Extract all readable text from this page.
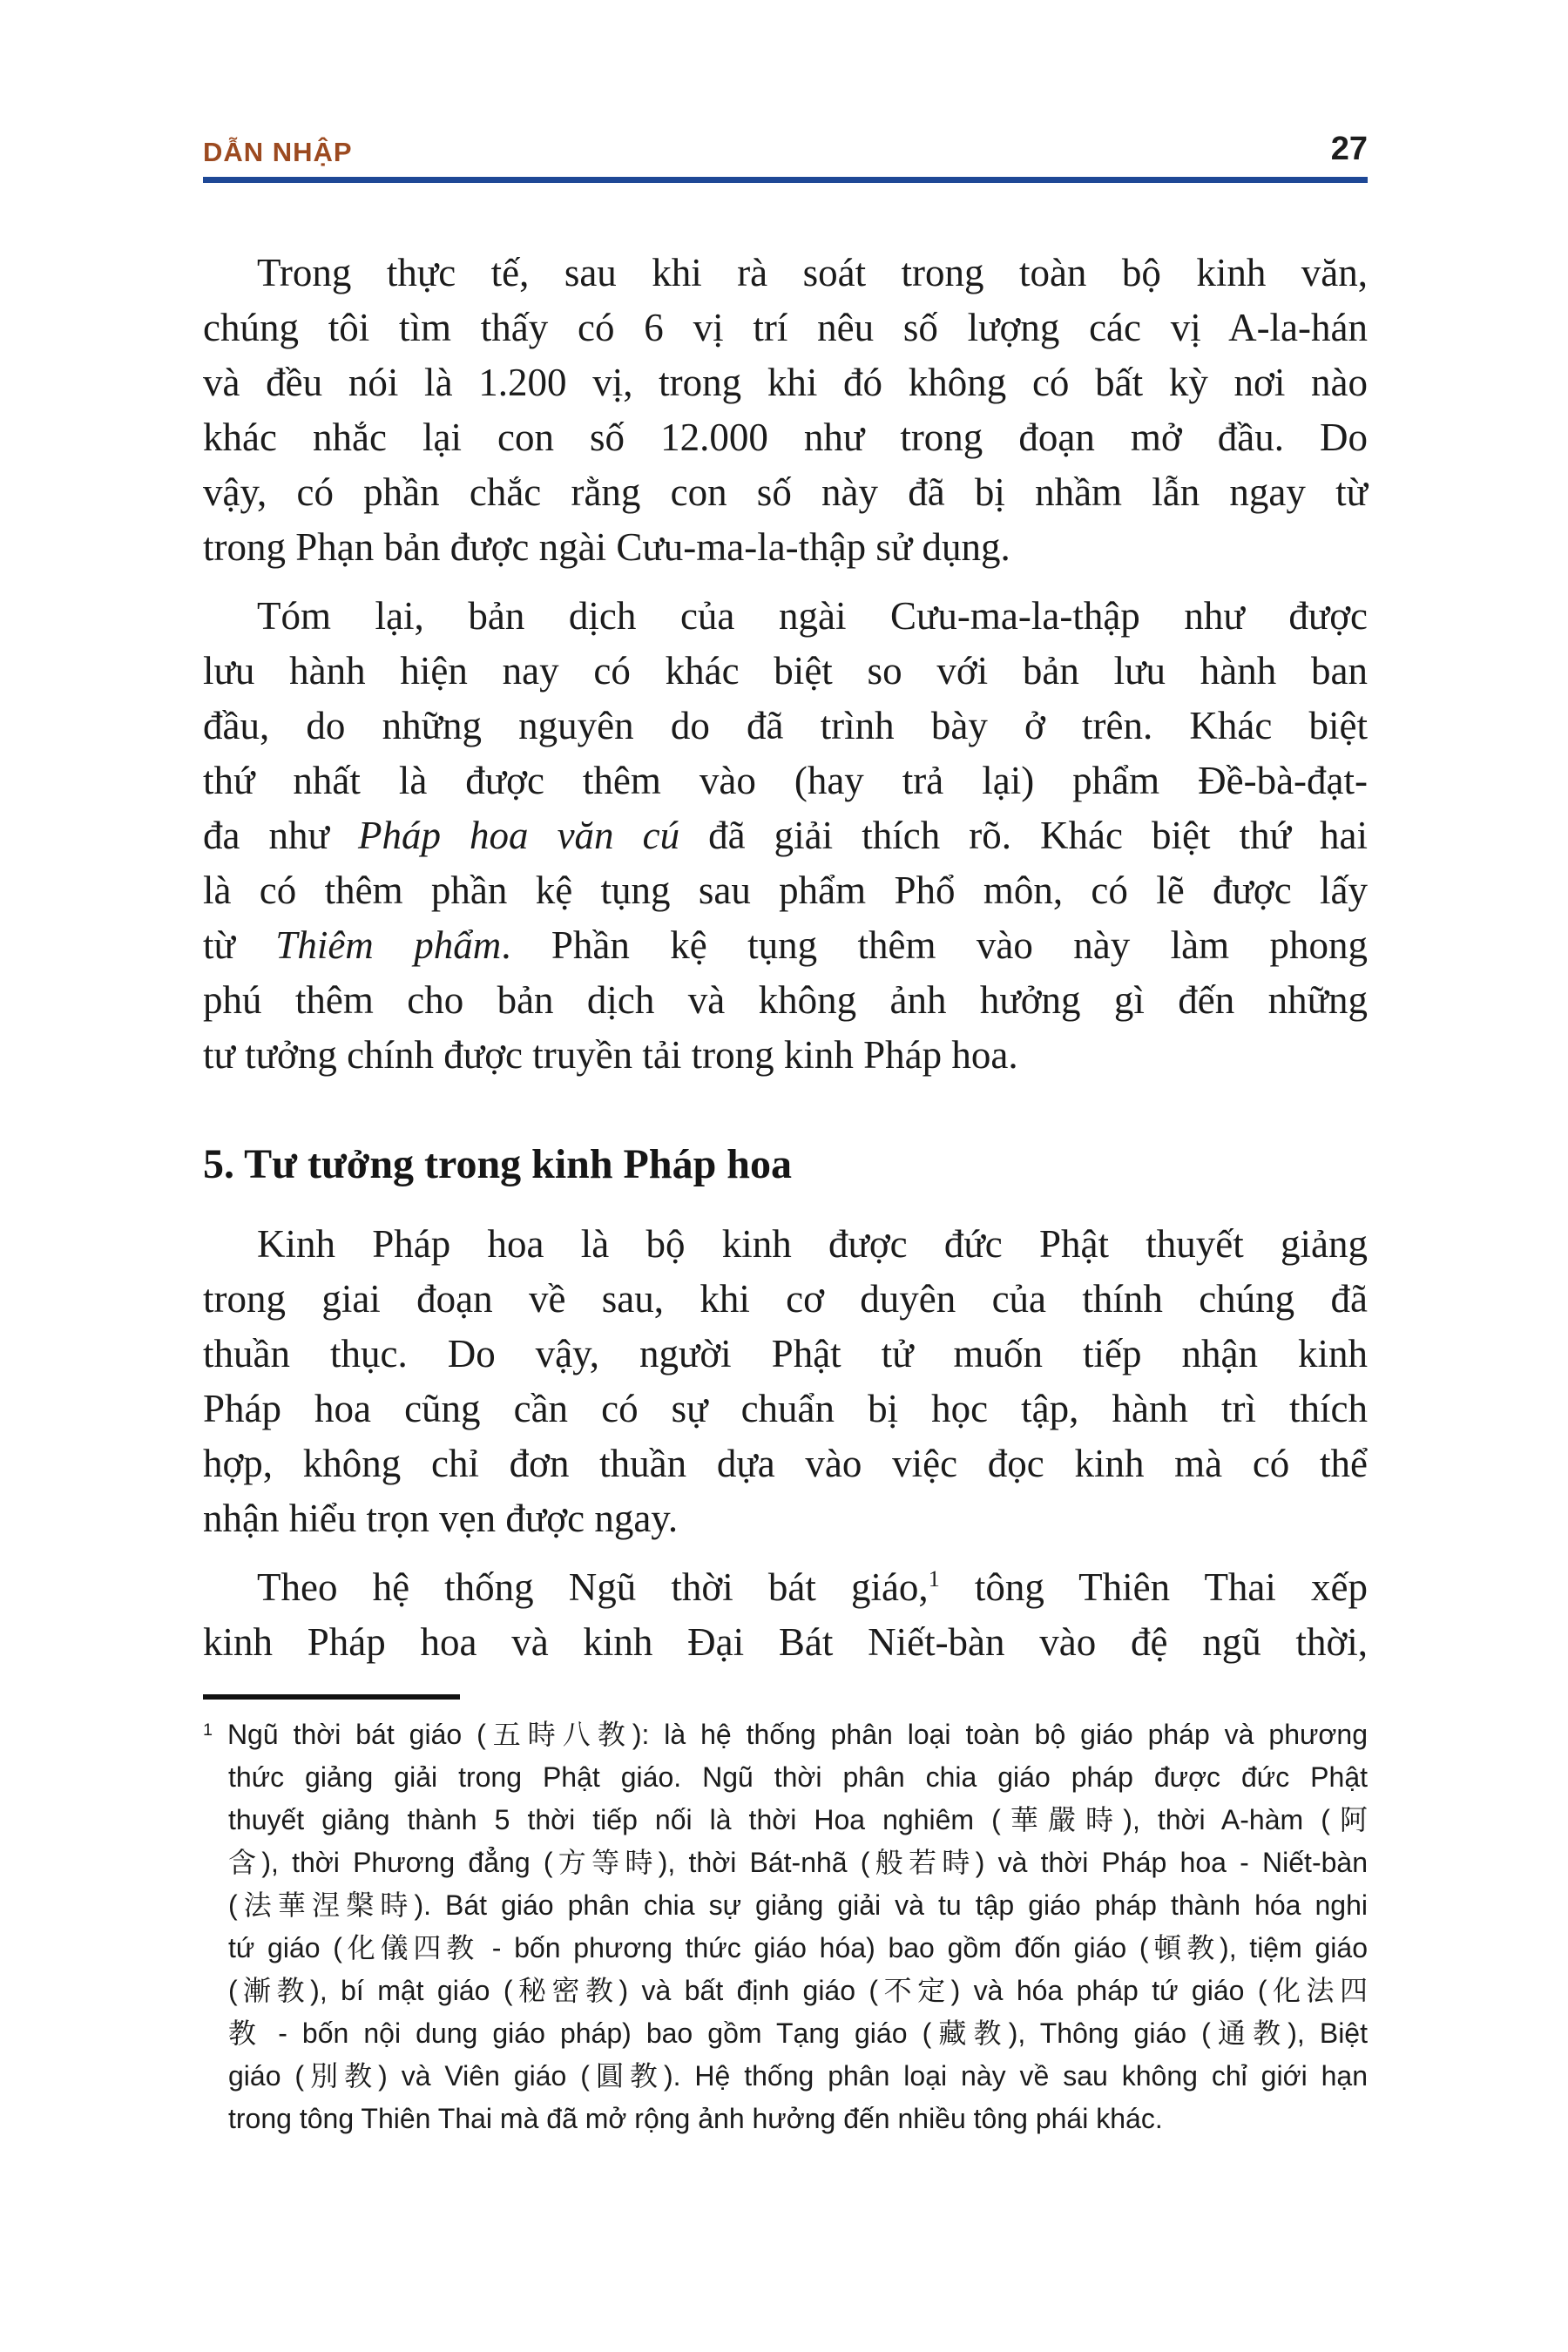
DẪN NHẬP	27
Trong thực tế, sau khi rà soát trong toàn bộ kinh văn,
chúng tôi tìm thấy có 6 vị trí nêu số lượng các vị A-la-hán
và đều nói là 1.200 vị, trong khi đó không có bất kỳ nơi nào
khác nhắc lại con số 12.000 như trong đoạn mở đầu. Do
vậy, có phần chắc rằng con số này đã bị nhầm lẫn ngay từ
trong Phạn bản được ngài Cưu-ma-la-thập sử dụng.
Tóm lại, bản dịch của ngài Cưu-ma-la-thập như được
lưu hành hiện nay có khác biệt so với bản lưu hành ban
đầu, do những nguyên do đã trình bày ở trên. Khác biệt
thứ nhất là được thêm vào (hay trả lại) phẩm Đề-bà-đạt-
đa như Pháp hoa văn cú đã giải thích rõ. Khác biệt thứ hai
là có thêm phần kệ tụng sau phẩm Phổ môn, có lẽ được lấy
từ Thiêm phẩm. Phần kệ tụng thêm vào này làm phong
phú thêm cho bản dịch và không ảnh hưởng gì đến những
tư tưởng chính được truyền tải trong kinh Pháp hoa.
5. Tư tưởng trong kinh Pháp hoa
Kinh Pháp hoa là bộ kinh được đức Phật thuyết giảng
trong giai đoạn về sau, khi cơ duyên của thính chúng đã
thuần thục. Do vậy, người Phật tử muốn tiếp nhận kinh
Pháp hoa cũng cần có sự chuẩn bị học tập, hành trì thích
hợp, không chỉ đơn thuần dựa vào việc đọc kinh mà có thể
nhận hiểu trọn vẹn được ngay.
Theo hệ thống Ngũ thời bát giáo,$^1$ tông Thiên Thai xếp
kinh Pháp hoa và kinh Đại Bát Niết-bàn vào đệ ngũ thời,
$^1$ Ngũ thời bát giáo (五時八教): là hệ thống phân loại toàn bộ giáo pháp và phương
thức giảng giải trong Phật giáo. Ngũ thời phân chia giáo pháp được đức Phật
thuyết giảng thành 5 thời tiếp nối là thời Hoa nghiêm (華嚴時), thời A-hàm (阿
含), thời Phương đẳng (方等時), thời Bát-nhã (般若時) và thời Pháp hoa - Niết-bàn
(法華涅槃時). Bát giáo phân chia sự giảng giải và tu tập giáo pháp thành hóa nghi
tứ giáo (化儀四教 - bốn phương thức giáo hóa) bao gồm đốn giáo (頓教), tiệm giáo
(漸教), bí mật giáo (秘密教) và bất định giáo (不定) và hóa pháp tứ giáo (化法四
教 - bốn nội dung giáo pháp) bao gồm Tạng giáo (藏教), Thông giáo (通教), Biệt
giáo (別教) và Viên giáo (圓教). Hệ thống phân loại này về sau không chỉ giới hạn
trong tông Thiên Thai mà đã mở rộng ảnh hưởng đến nhiều tông phái khác.
